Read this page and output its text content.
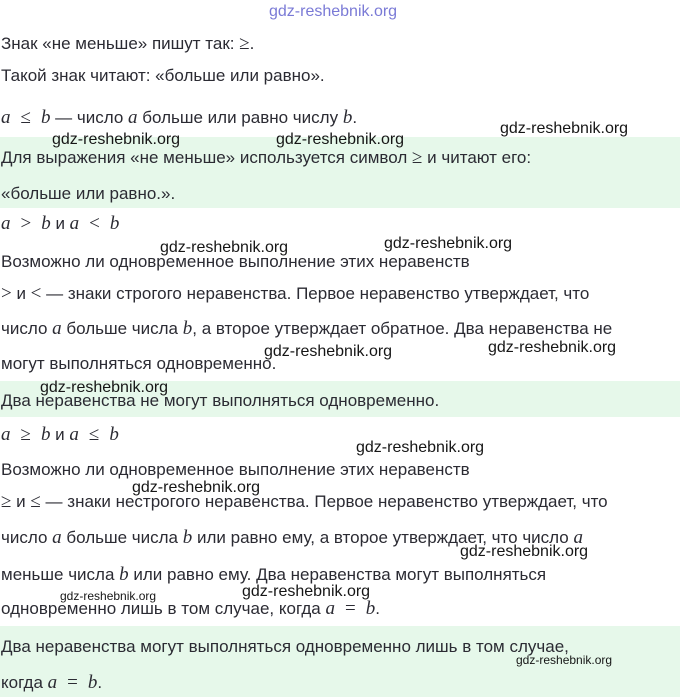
Знак «не меньше» пишут так: ≥.
Такой знак читают: «больше или равно».
a ≤ b — число a больше или равно числу b.
Для выражения «не меньше» используется символ ≥ и читают его:
«больше или равно.».
a > b и a < b
Возможно ли одновременное выполнение этих неравенств
> и < — знаки строгого неравенства. Первое неравенство утверждает, что
число a больше числа b, а второе утверждает обратное. Два неравенства не
могут выполняться одновременно.
Два неравенства не могут выполняться одновременно.
a ≥ b и a ≤ b
Возможно ли одновременное выполнение этих неравенств
≥ и ≤ — знаки нестрогого неравенства. Первое неравенство утверждает, что
число a больше числа b или равно ему, а второе утверждает, что число a
меньше числа b или равно ему. Два неравенства могут выполняться
одновременно лишь в том случае, когда a = b.
Два неравенства могут выполняться одновременно лишь в том случае,
когда a = b.
gdz-reshebnik.org
gdz-reshebnik.org	gdz-reshebnik.org
gdz-reshebnik.org
gdz-reshebnik.org	gdz-reshebnik.org
gdz-reshebnik.org	gdz-reshebnik.org
gdz-reshebnik.org
gdz-reshebnik.org
gdz-reshebnik.org
gdz-reshebnik.org
gdz-reshebnik.org	gdz-reshebnik.org
gdz-reshebnik.org
